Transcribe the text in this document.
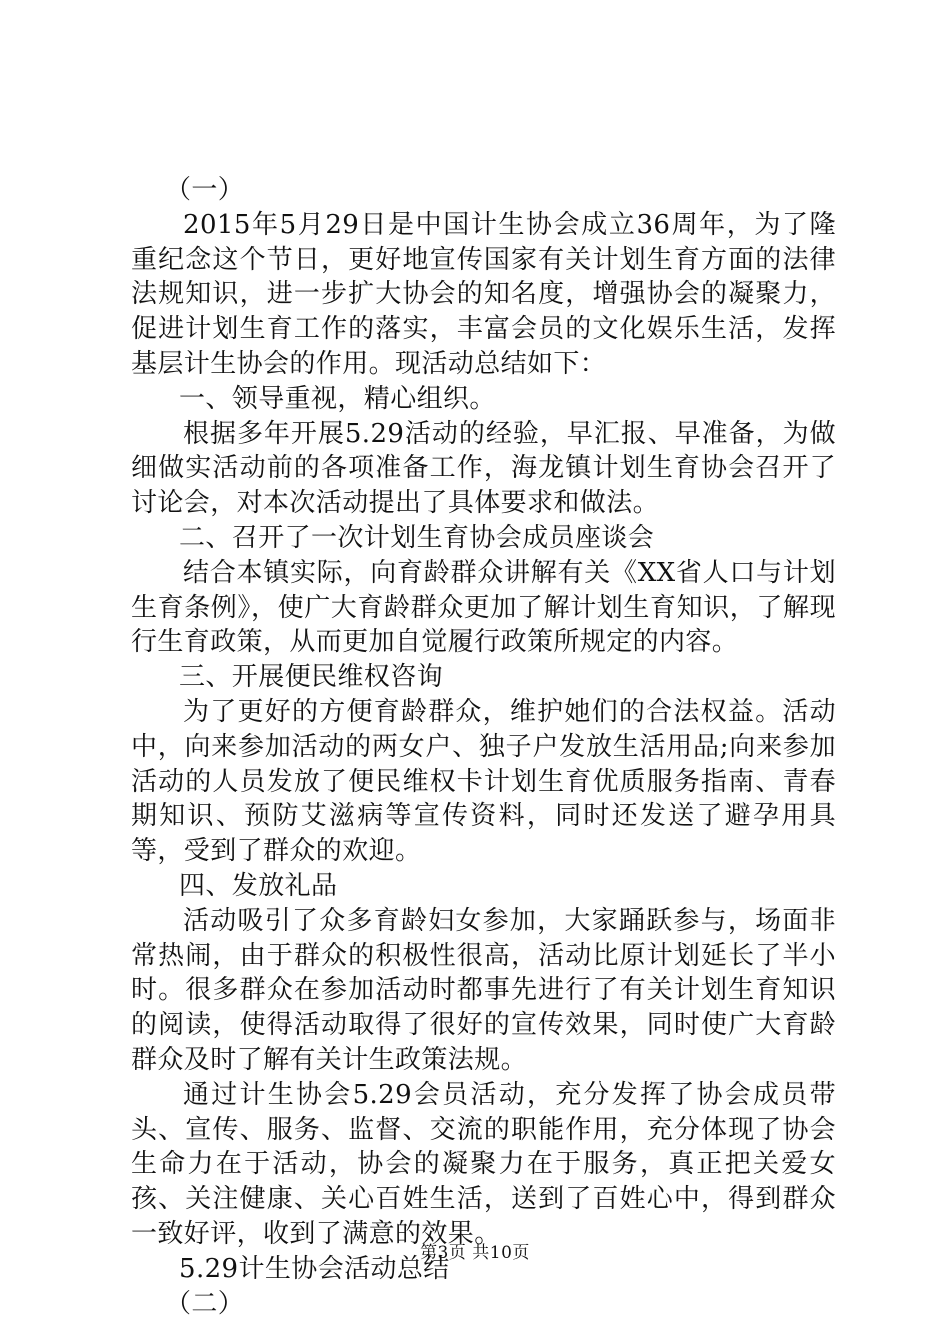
（一）

2015年5月29日是中国计生协会成立36周年，为了隆重纪念这个节日，更好地宣传国家有关计划生育方面的法律法规知识，进一步扩大协会的知名度，增强协会的凝聚力，促进计划生育工作的落实，丰富会员的文化娱乐生活，发挥基层计生协会的作用。现活动总结如下：

一、领导重视，精心组织。

根据多年开展5.29活动的经验，早汇报、早准备，为做细做实活动前的各项准备工作，海龙镇计划生育协会召开了讨论会，对本次活动提出了具体要求和做法。

二、召开了一次计划生育协会成员座谈会

结合本镇实际，向育龄群众讲解有关《XX省人口与计划生育条例》，使广大育龄群众更加了解计划生育知识，了解现行生育政策，从而更加自觉履行政策所规定的内容。

三、开展便民维权咨询

为了更好的方便育龄群众，维护她们的合法权益。活动中，向来参加活动的两女户、独子户发放生活用品;向来参加活动的人员发放了便民维权卡计划生育优质服务指南、青春期知识、预防艾滋病等宣传资料，同时还发送了避孕用具等，受到了群众的欢迎。

四、发放礼品

活动吸引了众多育龄妇女参加，大家踊跃参与，场面非常热闹，由于群众的积极性很高，活动比原计划延长了半小时。很多群众在参加活动时都事先进行了有关计划生育知识的阅读，使得活动取得了很好的宣传效果，同时使广大育龄群众及时了解有关计生政策法规。

通过计生协会5.29会员活动，充分发挥了协会成员带头、宣传、服务、监督、交流的职能作用，充分体现了协会生命力在于活动，协会的凝聚力在于服务，真正把关爱女孩、关注健康、关心百姓生活，送到了百姓心中，得到群众一致好评，收到了满意的效果。

5.29计生协会活动总结

（二）

第3页 共10页
